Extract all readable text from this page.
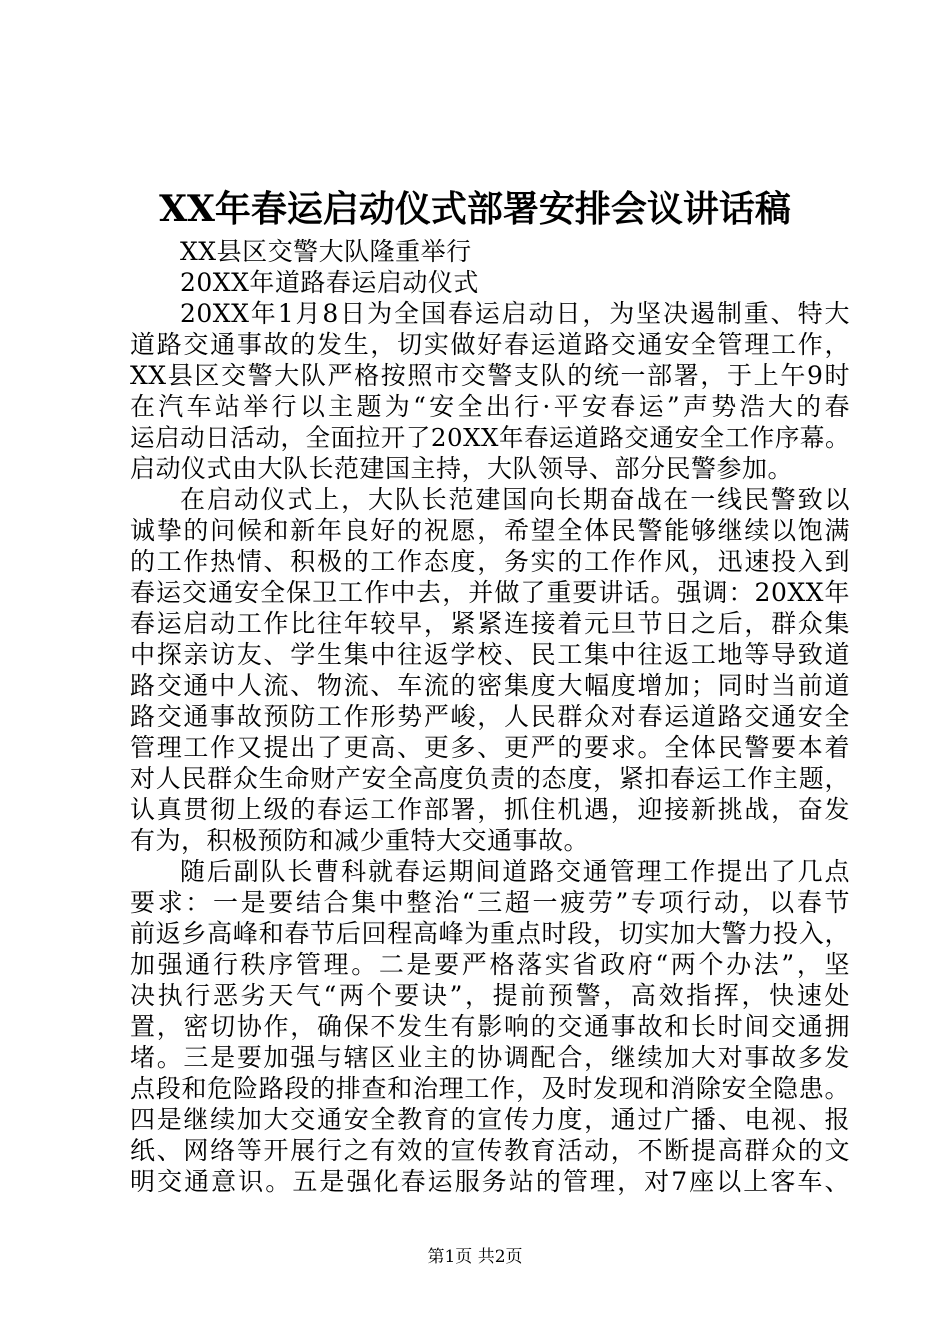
XX年春运启动仪式部署安排会议讲话稿
XX县区交警大队隆重举行
20XX年道路春运启动仪式
20XX年1月8日为全国春运启动日，为坚决遏制重、特大
道路交通事故的发生，切实做好春运道路交通安全管理工作，
XX县区交警大队严格按照市交警支队的统一部署，于上午9时
在汽车站举行以主题为“安全出行·平安春运”声势浩大的春
运启动日活动，全面拉开了20XX年春运道路交通安全工作序幕。
启动仪式由大队长范建国主持，大队领导、部分民警参加。
在启动仪式上，大队长范建国向长期奋战在一线民警致以
诚挚的问候和新年良好的祝愿，希望全体民警能够继续以饱满
的工作热情、积极的工作态度，务实的工作作风，迅速投入到
春运交通安全保卫工作中去，并做了重要讲话。强调：20XX年
春运启动工作比往年较早，紧紧连接着元旦节日之后，群众集
中探亲访友、学生集中往返学校、民工集中往返工地等导致道
路交通中人流、物流、车流的密集度大幅度增加；同时当前道
路交通事故预防工作形势严峻，人民群众对春运道路交通安全
管理工作又提出了更高、更多、更严的要求。全体民警要本着
对人民群众生命财产安全高度负责的态度，紧扣春运工作主题，
认真贯彻上级的春运工作部署，抓住机遇，迎接新挑战，奋发
有为，积极预防和减少重特大交通事故。
随后副队长曹科就春运期间道路交通管理工作提出了几点
要求：一是要结合集中整治“三超一疲劳”专项行动，以春节
前返乡高峰和春节后回程高峰为重点时段，切实加大警力投入，
加强通行秩序管理。二是要严格落实省政府“两个办法”，坚
决执行恶劣天气“两个要诀”，提前预警，高效指挥，快速处
置，密切协作，确保不发生有影响的交通事故和长时间交通拥
堵。三是要加强与辖区业主的协调配合，继续加大对事故多发
点段和危险路段的排查和治理工作，及时发现和消除安全隐患。
四是继续加大交通安全教育的宣传力度，通过广播、电视、报
纸、网络等开展行之有效的宣传教育活动，不断提高群众的文
明交通意识。五是强化春运服务站的管理，对7座以上客车、
第1页 共2页
